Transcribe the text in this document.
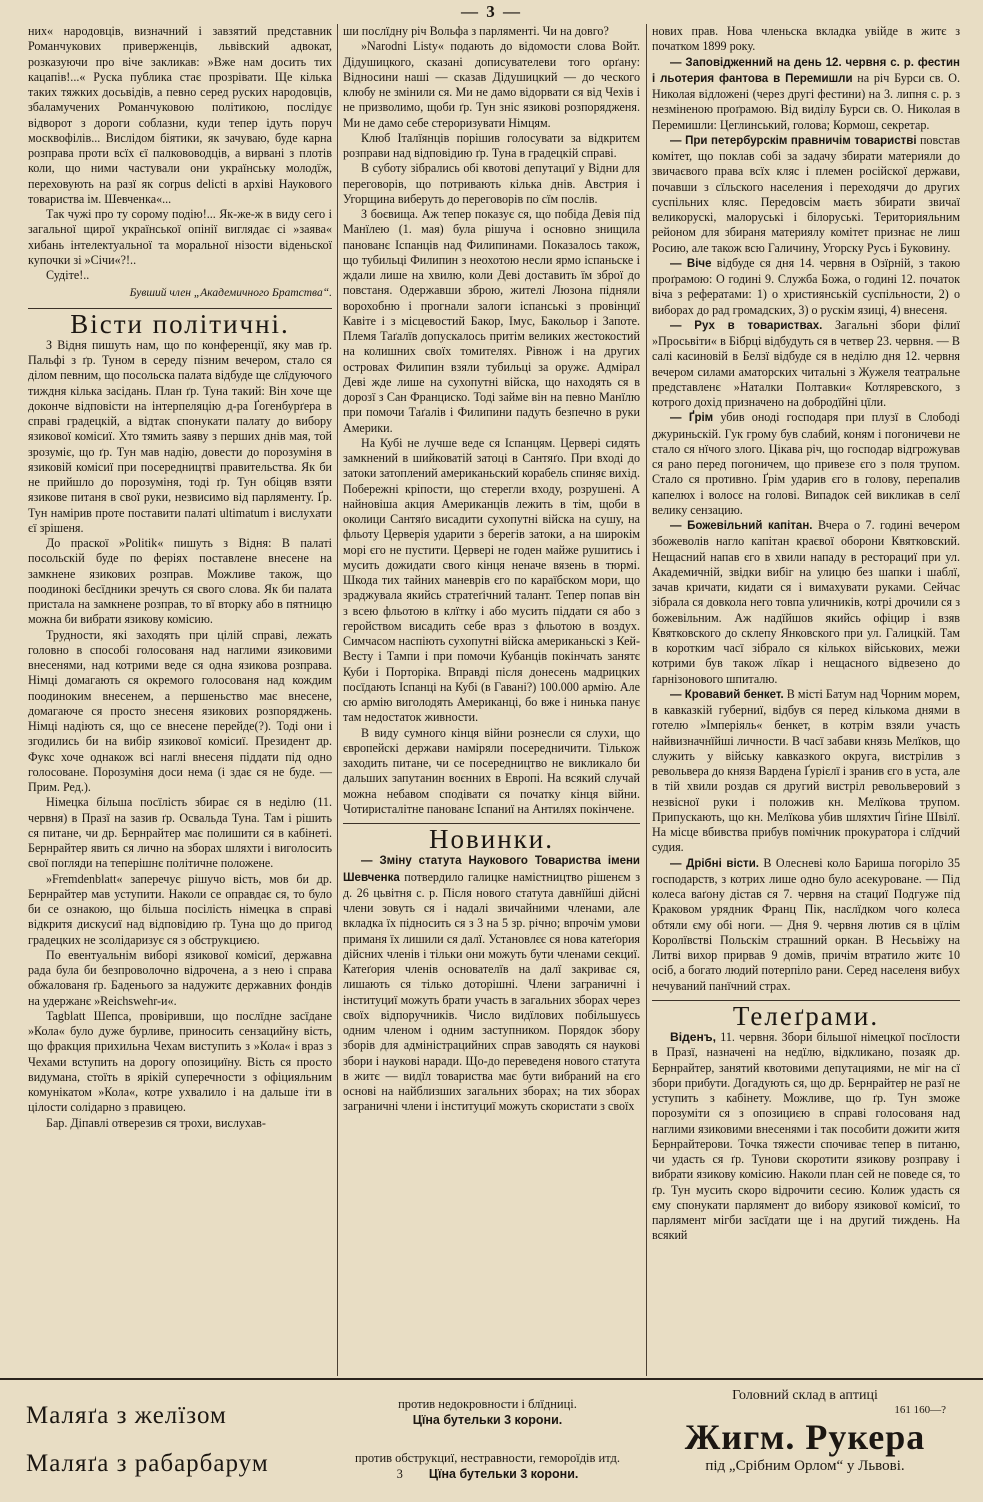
— 3 —

них« народовців, визначний і завзятий представник Романчукових приверженців, львівский адвокат, розказуючи про віче закликав: »Вже нам досить тих кацапів!...« Руска публика стає прозрівати. Ще кілька таких тяжких досьвідів, а певно серед руских народовців, збаламучених Романчуковою політикою, послідує відворот з дороги соблазни, куди тепер ідуть поруч москвофілів... Вислідом біятики, як зачуваю, буде карна розправа проти всїх єї палкововодців, а вирвані з плотів коли, що ними частували они українську молодїж, переховують на разї як corpus delicti в архіві Наукового товариства ім. Шевченка«...

Так чужі про ту сорому подію!... Як-же-ж в виду сего і загальної щирої української опінії виглядає сі »заява« хибань інтелектуальної та моральної нізости віденьскої купочки зі »Січи«?!..

Судіте!..

Бувший член „Академичного Братства“.
Вісти політичні.

З Відня пишуть нам, що по конференції, яку мав ґр. Пальфі з ґр. Туном в середу пізним вечером, стало ся ділом певним, що посольска палата відбуде ще слїдуючого тиждня кілька засідань. План ґр. Туна такий: Він хоче ще доконче відповісти на інтерпеляцію д-ра Ґогенбурґера в справі градецкій, а відтак спонукати палату до вибору язикової комісиї. Хто тямить заяву з перших днів мая, той зрозуміє, що ґр. Тун мав надію, довести до порозуміня в язиковій комісиї при посередництві правительства. Як би не прийшло до порозуміня, тоді ґр. Тун обіцяв взяти язикове питаня в свої руки, незвисимо від парляменту. Ґр. Тун намірив проте поставити палаті ultimatum і вислухати єї зрішеня.

До праскої »Politik« пишуть з Відня: В палаті посольскій буде по феріях поставлене внесене на замкнене язикових розправ. Можливе також, що поодинокі бесїдники зречуть ся свого слова. Як би палата пристала на замкнене розправ, то вї вторку або в пятницю можна би вибрати язикову комісию.

Трудности, які заходять при цілій справі, лежать головно в способі голосованя над наглими язиковими внесенями, над котрими веде ся одна язикова розправа. Німці домагають ся окремого голосованя над кождим поодиноким внесенем, а першеньство має внесене, домагаюче ся просто знесеня язикових розпоряджень. Німці надіють ся, що се внесене перейде(?). Тоді они і згодились би на вибір язикової комісиї. Президент др. Фукс хоче однакож всі наглі внесеня піддати під одно голосоване. Порозуміня доси нема (і здає ся не буде. — Прим. Ред.).

Німецка більша посїлість збирає ся в неділю (11. червня) в Празї на зазив ґр. Освальда Туна. Там і рішить ся питане, чи др. Бернрайтер має полишити ся в кабінеті. Бернрайтер явить ся лично на зборах шляхти і виголосить свої погляди на теперішнє політичне положене.

»Fremdenblatt« заперечує рішучо вість, мов би др. Бернрайтер мав уступити. Наколи се оправдає ся, то було би се ознакою, що більша посілість німецка в справі відкритя дискусиї над відповідию ґр. Туна що до пригод градецких не зсолідаризує ся з обструкциєю.

По евентуальнім виборі язикової комісиї, державна рада була би безпровoлочно відрочена, а з нею і справа обжалованя ґр. Баденього за надужитє державних фондів на удержанє »Reichswehr-и«.

Tagblatt Шепса, провіривши, що послїдне засїдане »Кола« було дуже бурливе, приносить сензацийну вість, що фракция прихильна Чехам виступить з »Кола« і враз з Чехами вступить на дорогу опозициїну. Вість ся просто видумана, стоїть в ярікій суперечности з офіцияльним комунікатом »Кола«, котре ухвалило і на дальше іти в цілости солідарно з правицею.

Бар. Діпавлі отверезив ся трохи, вислухав-

ши послїдну річ Вольфа з парляменті. Чи на довго?

»Narodni Listy« подають до відомости слова Войт. Дідушицкого, сказані дописувателеви того орґану: Відносини наші — сказав Дідушицкий — до ческого клюбу не змінили ся. Ми не дамо відорвати ся від Чехів і не призволимо, щоби ґр. Тун зніс язикові розпорядженя. Ми не дамо себе стероризувати Німцям.

Клюб Італїянців порішив голосувати за відкритєм розправи над відповідию ґр. Туна в градецкій справі.

В суботу зібрались обі квотові депутациї у Відни для переговорів, що потривають кілька днів. Австрия і Угорщина виберуть до переговорів по сїм послів.

З боєвища. Аж тепер показує ся, що побіда Девія під Манїлею (1. мая) була рішуча і основно знищила панованє Іспанців над Филипинами. Показалось також, що тубильці Филипин з неохотою несли ярмо іспаньске і ждали лише на хвилю, коли Деві доставить їм зброї до повстаня. Одержавши зброю, жителі Люзона підняли ворохобню і прогнали залоги іспанські з провінциї Кавіте і з місцевостий Бакор, Імус, Бакольор і Запоте. Племя Таґалїв допускалось притім великих жестокостий на колишних своїх томителях. Рівнож і на других островах Филипин взяли тубильці за оружє. Адмірал Деві жде лише на сухопутні війска, що находять ся в дорозї з Сан Франциско. Тоді займе він на певно Манїлю при помочи Таґалів і Филипини падуть безпечно в руки Америки.

На Кубі не лучше веде ся Іспанцям. Церверi сидять замкнений в шийковатій затоці в Сантяґо. При вході до затоки затоплений американьский корабель спиняє вихід. Побережні кріпости, що стерегли входу, розрушені. А найновіша акция Американців лежить в тім, щоби в околици Сантяґо висадити сухопутні війска на сушу, на фльоту Церверія ударити з берегів затоки, а на широкім морі єго не пустити. Церверi не годен майже рушитись і мусить дожидати свого кінця неначе вязень в тюрмі. Шкода тих тайних маневрів єго по караїбском мори, що зраджувала якийсь стратеґічний талант. Тепер попав він з всею фльотою в клїтку і або мусить піддати ся або з геройством висадить себе враз з фльотою в воздух. Симчасом наспіють сухопутні війска американьскі з Кей-Весту і Тампи і при помочи Кубанців покінчать занятє Куби і Порторіка. Вправді після донесень мадрицких посїдають Іспанці на Кубі (в Гавані?) 100.000 армію. Але сю армію виголодять Американці, бо вже і нинька панує там недостаток живности.

В виду сумного кінця війни рознесли ся слухи, що європейскі держави наміряли посередничити. Тількож заходить питане, чи се посередництво не викликало би дальших запутанин воєнних в Европі. На всякий случай можна небавом сподівати ся початку кінця війни. Чотиристалітне панованє Іспаниї на Антилях покінчене.

Новинки.

— Зміну статута Наукового Товариства імени Шевченка потвердило галицке намістництво рішенєм з д. 26 цьвітня с. р. Після нового статута давнїйші дійсні члени зовуть ся і надалі звичайними членами, але вкладка їх підносить ся з 3 на 5 зр. річно; впрочім умови приманя їх лишили ся далї. Установлєє ся нова катеґория дійсних членів і тільки они можуть бути членами секциї. Катеґория членів основателїв на далї закриває ся, лишають ся тілько доторішні. Члени заграничні і інституциї можуть брати участь в загальних зборах через своїх відпоручників. Число видїлових побільшуєсь одним членом і одним заступником. Порядок збору зборів для адміністрацийних справ заводять ся наукові збори і наукові наради. Що-до переведеня нового статута в житє — видїл товариства має бути вибраний на єго основі на найблизших загальних зборах; на тих зборах заграничні члени і інституциї можуть скористати з своїх

нових прав. Нова членьска вкладка увійде в житє з початком 1899 року.

— Заповідженний на день 12. червня с. р. фестин і льотерия фантова в Перемишли на річ Бурси св. О. Николая відложені (через другі фестини) на 3. липня с. р. з незміненою проґрамою. Від виділу Бурси св. О. Николая в Перемишли: Цеглинський, голова; Кормош, секретар.

— При петербурскім правничім товаристві повстав комітет, що поклав собі за задачу збирати материяли до звичаєвого права всїх кляс і племен російскої держави, почавши з сїльского населения і переходячи до других суспільних кляс. Передовсім маєть збирати звичаї великорускі, малоруські і білоруські. Територияльним рейоном для збираня материялу комітет признає не лиш Росию, але також всю Галичину, Угорску Русь і Буковину.

— Віче відбуде ся дня 14. червня в Озїрній, з такою проґрамою: О годині 9. Служба Божа, о годині 12. початок віча з рефератами: 1) о хриcтиянській суспільности, 2) о виборах до рад громадских, 3) о рускім язиці, 4) внесеня.

— Рух в товариствах. Загальні збори філиї »Просьвіти« в Бібрці відбудуть ся в четвер 23. червня. — В салі касиновій в Белзї відбуде ся в неділю дня 12. червня вечером силами аматорских читальні з Жужеля театральне представленє »Наталки Полтавки« Котляревского, з котрого дохід призначено на добродїйні цїли.

— Ґрім убив оноді господаря при плузї в Слободі джуриньскій. Гук грому був слабий, коням і погоничеви не стало ся нїчого злого. Цікава річ, що господар відгрожував ся рано перед погоничем, що привезе єго з поля трупом. Стало ся противно. Ґрім ударив єго в голову, перепалив капелюх і волосє на голові. Випадок сей викликав в селї велику сензацию.

— Божевільний капітан. Вчера о 7. годині вечером збожеволів нагло капітан краєвої оборони Квятковский. Нещасний напав єго в хвили нападу в ресторациї при ул. Академичній, звідки вибіг на улицю без шапки і шаблї, зачав кричати, кидати ся і вимахувати руками. Сейчас зібрала ся довкола него товпа уличників, котрі дрочили ся з божевільним. Аж надїйшов якийсь офіцир і взяв Квятковского до склепу Янковского при ул. Галицкій. Там в коротким часї зібрало ся кількох військових, межи котрими був також лїкар і нещасного відвезено до ґарнізонового шпиталю.

— Кровавий бенкет. В місті Батум над Чорним морем, в кавказкій губерниї, відбув ся перед кількома днями в готелю »Імперіяль« бенкет, в котрім взяли участь найвизначнїйші личности. В часї забави князь Мелїков, що служить у війську кавказкого округа, вистрілив з револьвера до князя Вардена Ґурієлї і зранив єго в уста, але в тій хвили роздав ся другий вистріл револьверовий з незвісної руки і положив кн. Мелїкова трупом. Припускають, що кн. Мелїкова убив шляхтич Ґіґіне Швілї. На місце вбивства прибув помічник прокуратора і слїдчий судия.

— Дрібні вісти. В Олесневі коло Бариша погоріло 35 господарств, з котрих лише одно було асекуроване. — Під колеса ваґону дістав ся 7. червня на стациї Подгуже під Краковом урядник Франц Пік, наслїдком чого колеса обтяли єму обі ноги. — Дня 9. червня лютив ся в цїлім Королївстві Польскім страшний оркан. В Несьвіжу на Литві вихор прирвав 9 домів, причім втратило житє 10 осіб, а богато людий потерпіло рани. Серед населеня вибух нечуваний панїчний страх.

Телеґрами.

Віденъ, 11. червня. Збори більшої німецкої посїлости в Празї, назначені на недїлю, відкликано, позаяк др. Бернрайтер, занятий квотовими депутациями, не міг на сї збори прибути. Догадують ся, що др. Бернрайтер не разї не уступить з кабінету. Можливе, що ґр. Тун зможе порозуміти ся з опозициєю в справі голосованя над наглими язиковими внесенями і так пособити дожити житя Бернрайтерови. Точка тяжести спочиває тепер в питаню, чи удасть ся ґр. Тунови скоротити язикову розправу і вибрати язикову комісию. Наколи план сей не поведе ся, то ґр. Тун мусить скоро відрочити сесию. Колиж удасть ся єму спонукати парлямент до вибору язикової комісиї, то парлямент мігби засїдати ще і на другий тиждень. На всякий

Маляґа з желїзом	против недокровности і блїдниці.
Цїна бутельки 3 корони.
Маляґа з рабарбарум	против обструкциї, нестравности, гемороїдів итд.
3 Цїна бутельки 3 корони.
Головний склад в аптиці
161 160—?
Жигм. Рукера
під „Срібним Орлом“ у Львові.
